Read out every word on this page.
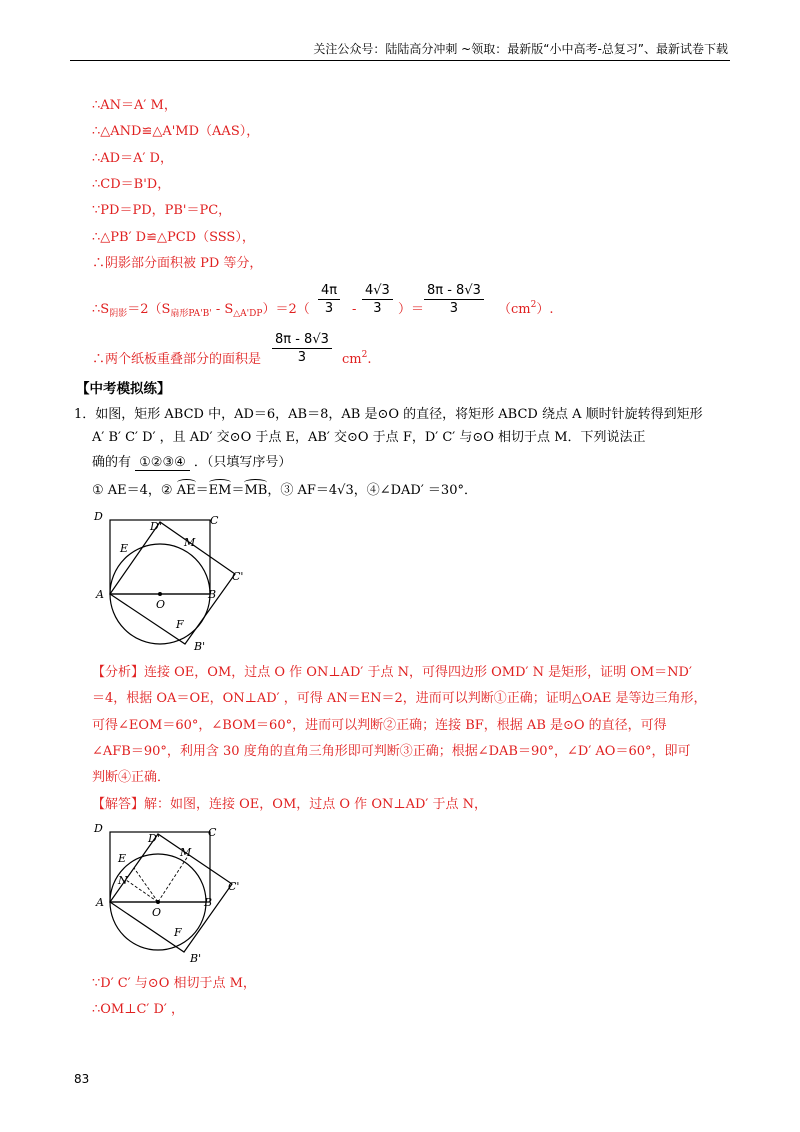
关注公众号：陆陆高分冲刺 ~领取：最新版“小中高考-总复习”、最新试卷下载
∴AN＝A′ M，
∴△AND≌△A'MD（AAS），
∴AD＝A′ D，
∴CD＝B'D，
∵PD＝PD，PB'＝PC，
∴△PB′ D≌△PCD（SSS），
∴阴影部分面积被 PD 等分，
$\therefore S_{阴影}=2(S_{扇形PA'B'} - S_{\triangle A'DP})=2( \frac{4\pi}{3} - \frac{4√3}{3}$ ）＝ $\frac{8\pi - 8√3}{3} (cm^2)$.
∴两个纸板重叠部分的面积是 $\frac{8\pi - 8√3}{3} cm^2$.
【中考模拟练】
1．如图，矩形 ABCD 中，AD＝6，AB＝8，AB 是⊙O 的直径，将矩形 ABCD 绕点 A 顺时针旋转得到矩形
A′ B′ C′ D′ ，且 AD′ 交⊙O 于点 E，AB′ 交⊙O 于点 F，D′ C′ 与⊙O 相切于点 M．下列说法正
确的有 ①②③④ ．（只填写序号）
① AE＝4，② AE＝EM＝MB，③ AF＝4√3，④∠DAD′ ＝30°．
D
D'	C
E	M
C'
A
O
B
F
B'
【分析】连接 OE，OM，过点 O 作 ON⊥AD′ 于点 N，可得四边形 OMD′ N 是矩形，证明 OM＝ND′
＝4，根据 OA＝OE，ON⊥AD′ ，可得 AN＝EN＝2，进而可以判断①正确；证明△OAE 是等边三角形，
可得∠EOM＝60°，∠BOM＝60°，进而可以判断②正确；连接 BF，根据 AB 是⊙O 的直径，可得
∠AFB＝90°，利用含 30 度角的直角三角形即可判断③正确；根据∠DAB＝90°，∠D′ AO＝60°，即可
判断④正确．
【解答】解：如图，连接 OE，OM，过点 O 作 ON⊥AD′ 于点 N，
D
D'	C
E	M
C'
N
A
O
B
F
B'
∵D′ C′ 与⊙O 相切于点 M，
∴OM⊥C′ D′ ，
83
